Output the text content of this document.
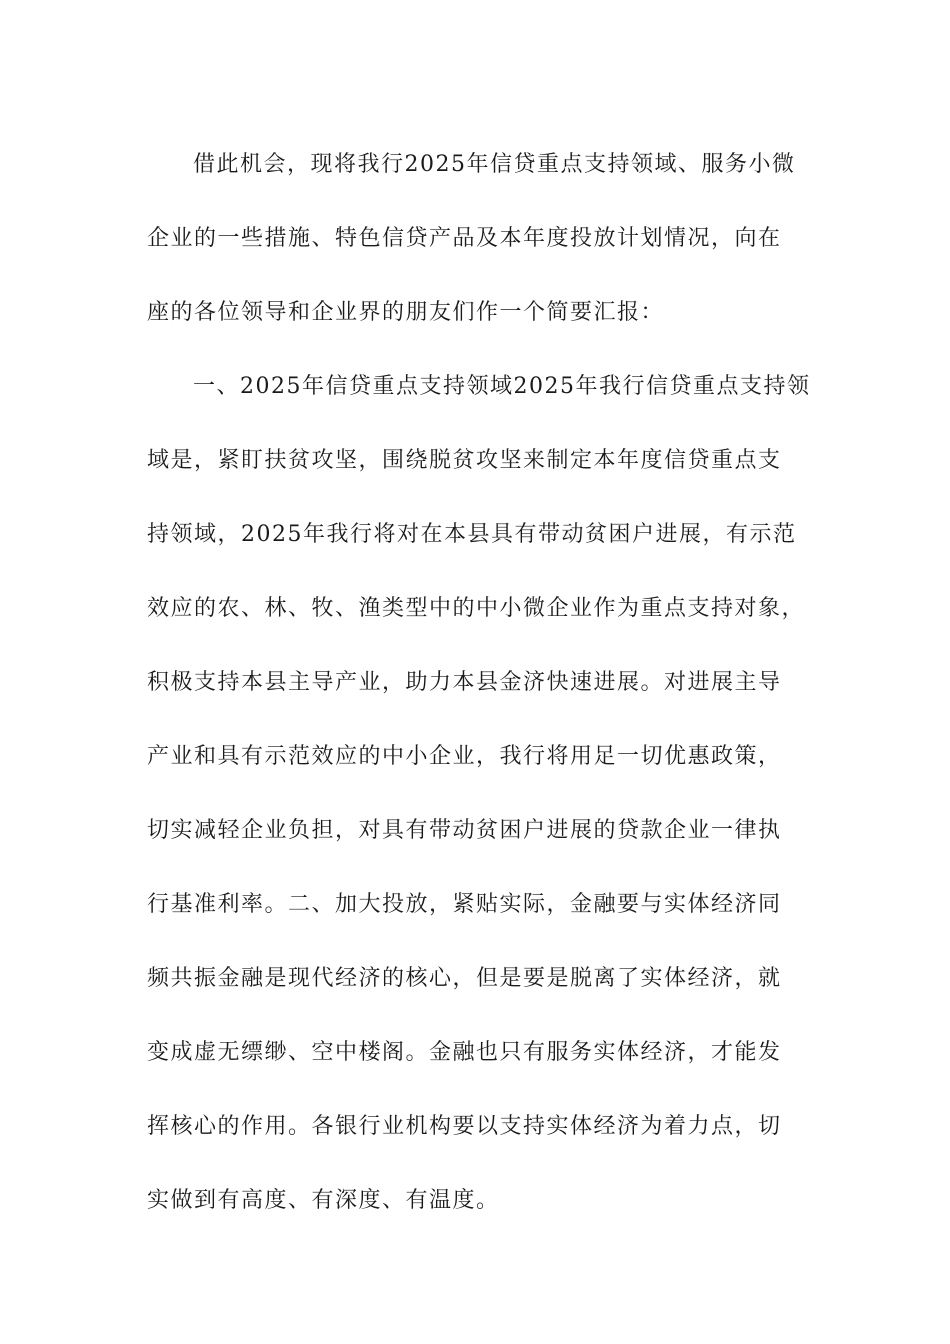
借此机会，现将我行2025年信贷重点支持领域、服务小微
企业的一些措施、特色信贷产品及本年度投放计划情况，向在
座的各位领导和企业界的朋友们作一个简要汇报：
一、2025年信贷重点支持领域2025年我行信贷重点支持领
域是，紧盯扶贫攻坚，围绕脱贫攻坚来制定本年度信贷重点支
持领域，2025年我行将对在本县具有带动贫困户进展，有示范
效应的农、林、牧、渔类型中的中小微企业作为重点支持对象，
积极支持本县主导产业，助力本县金济快速进展。对进展主导
产业和具有示范效应的中小企业，我行将用足一切优惠政策，
切实减轻企业负担，对具有带动贫困户进展的贷款企业一律执
行基准利率。二、加大投放，紧贴实际，金融要与实体经济同
频共振金融是现代经济的核心，但是要是脱离了实体经济，就
变成虚无缥缈、空中楼阁。金融也只有服务实体经济，才能发
挥核心的作用。各银行业机构要以支持实体经济为着力点，切
实做到有高度、有深度、有温度。
